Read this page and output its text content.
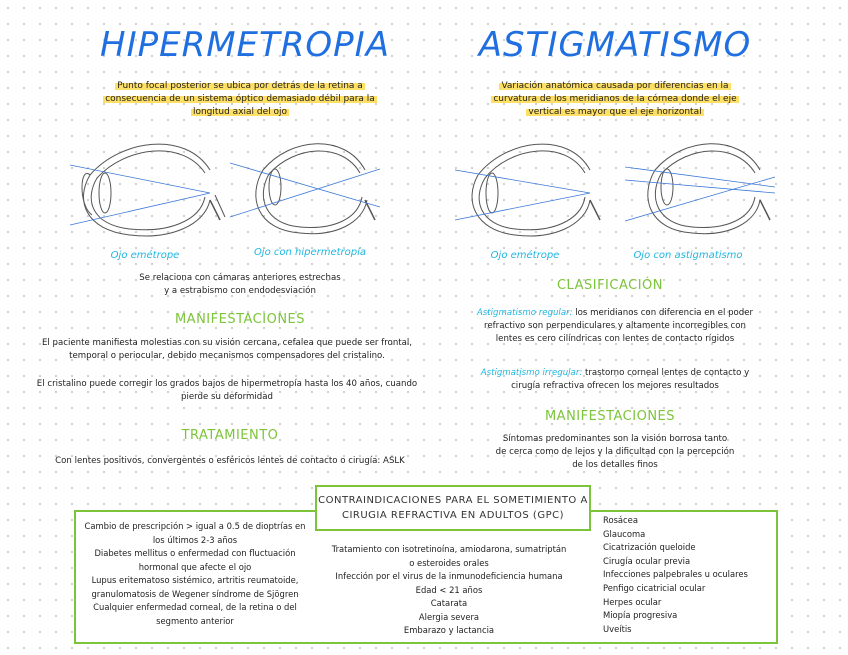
HIPERMETROPIA
Punto focal posterior se ubica por detrás de la retina a
consecuencia de un sistema óptico demasiado débil para la
longitud axial del ojo
Ojo emétrope	Ojo con hipermetropía
Se relaciona con cámaras anteriores estrechas
y a estrabismo con endodesviación
MANIFESTACIONES
El paciente manifiesta molestias con su visión cercana, cefalea que puede ser frontal,
temporal o periocular, debido mecanismos compensadores del cristalino.
El cristalino puede corregir los grados bajos de hipermetropía hasta los 40 años, cuando
pierde su deformidad
TRATAMIENTO
Con lentes positivos, convergentes o esféricos lentes de contacto o cirugía: ASLK
ASTIGMATISMO
Variación anatómica causada por diferencias en la
curvatura de los meridianos de la córnea donde el eje
vertical es mayor que el eje horizontal
Ojo emétrope	Ojo con astigmatismo
CLASIFICACIÓN
Astigmatismo regular: los meridianos con diferencia en el poder
refractivo son perpendiculares y altamente incorregibles con
lentes es cero cilíndricas con lentes de contacto rígidos
Astigmatismo irregular: trastorno corneal lentes de contacto y
cirugía refractiva ofrecen los mejores resultados
MANIFESTACIONES
Síntomas predominantes son la visión borrosa tanto
de cerca como de lejos y la dificultad con la percepción
de los detalles finos
CONTRAINDICACIONES PARA EL SOMETIMIENTO A
CIRUGIA REFRACTIVA EN ADULTOS (GPC)
Cambio de prescripción > igual a 0.5 de dioptrías en
los últimos 2-3 años
Diabetes mellitus o enfermedad con fluctuación
hormonal que afecte el ojo
Lupus eritematoso sistémico, artritis reumatoide,
granulomatosis de Wegener síndrome de Sjögren
Cualquier enfermedad corneal, de la retina o del
segmento anterior
Tratamiento con isotretinoína, amiodarona, sumatriptán
o esteroides orales
Infección por el virus de la inmunodeficiencia humana
Edad < 21 años
Catarata
Alergia severa
Embarazo y lactancia
Rosácea
Glaucoma
Cicatrización queloide
Cirugía ocular previa
Infecciones palpebrales u oculares
Penfigo cicatricial ocular
Herpes ocular
Miopía progresiva
Uveítis
